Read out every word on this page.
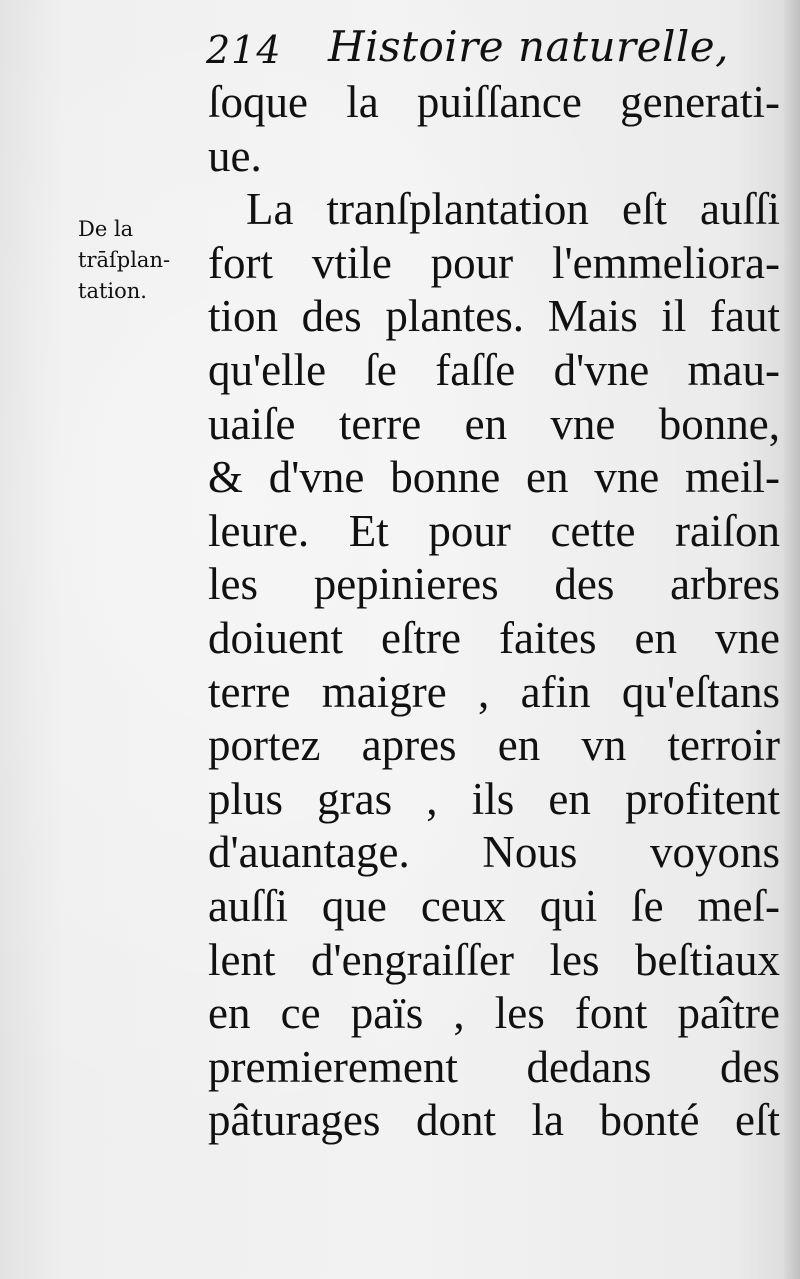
214 Histoire naturelle,
De la
trāſplan-
tation.
ſoque la puiſſance generati-
ue.
La tranſplantation eſt auſſi
fort vtile pour l'emmeliora-
tion des plantes. Mais il faut
qu'elle ſe faſſe d'vne mau-
uaiſe terre en vne bonne,
& d'vne bonne en vne meil-
leure. Et pour cette raiſon
les pepinieres des arbres
doiuent eſtre faites en vne
terre maigre , afin qu'eſtans
portez apres en vn terroir
plus gras , ils en profitent
d'auantage. Nous voyons
auſſi que ceux qui ſe meſ-
lent d'engraiſſer les beſtiaux
en ce païs , les font paître
premierement dedans des
pâturages dont la bonté eſt
